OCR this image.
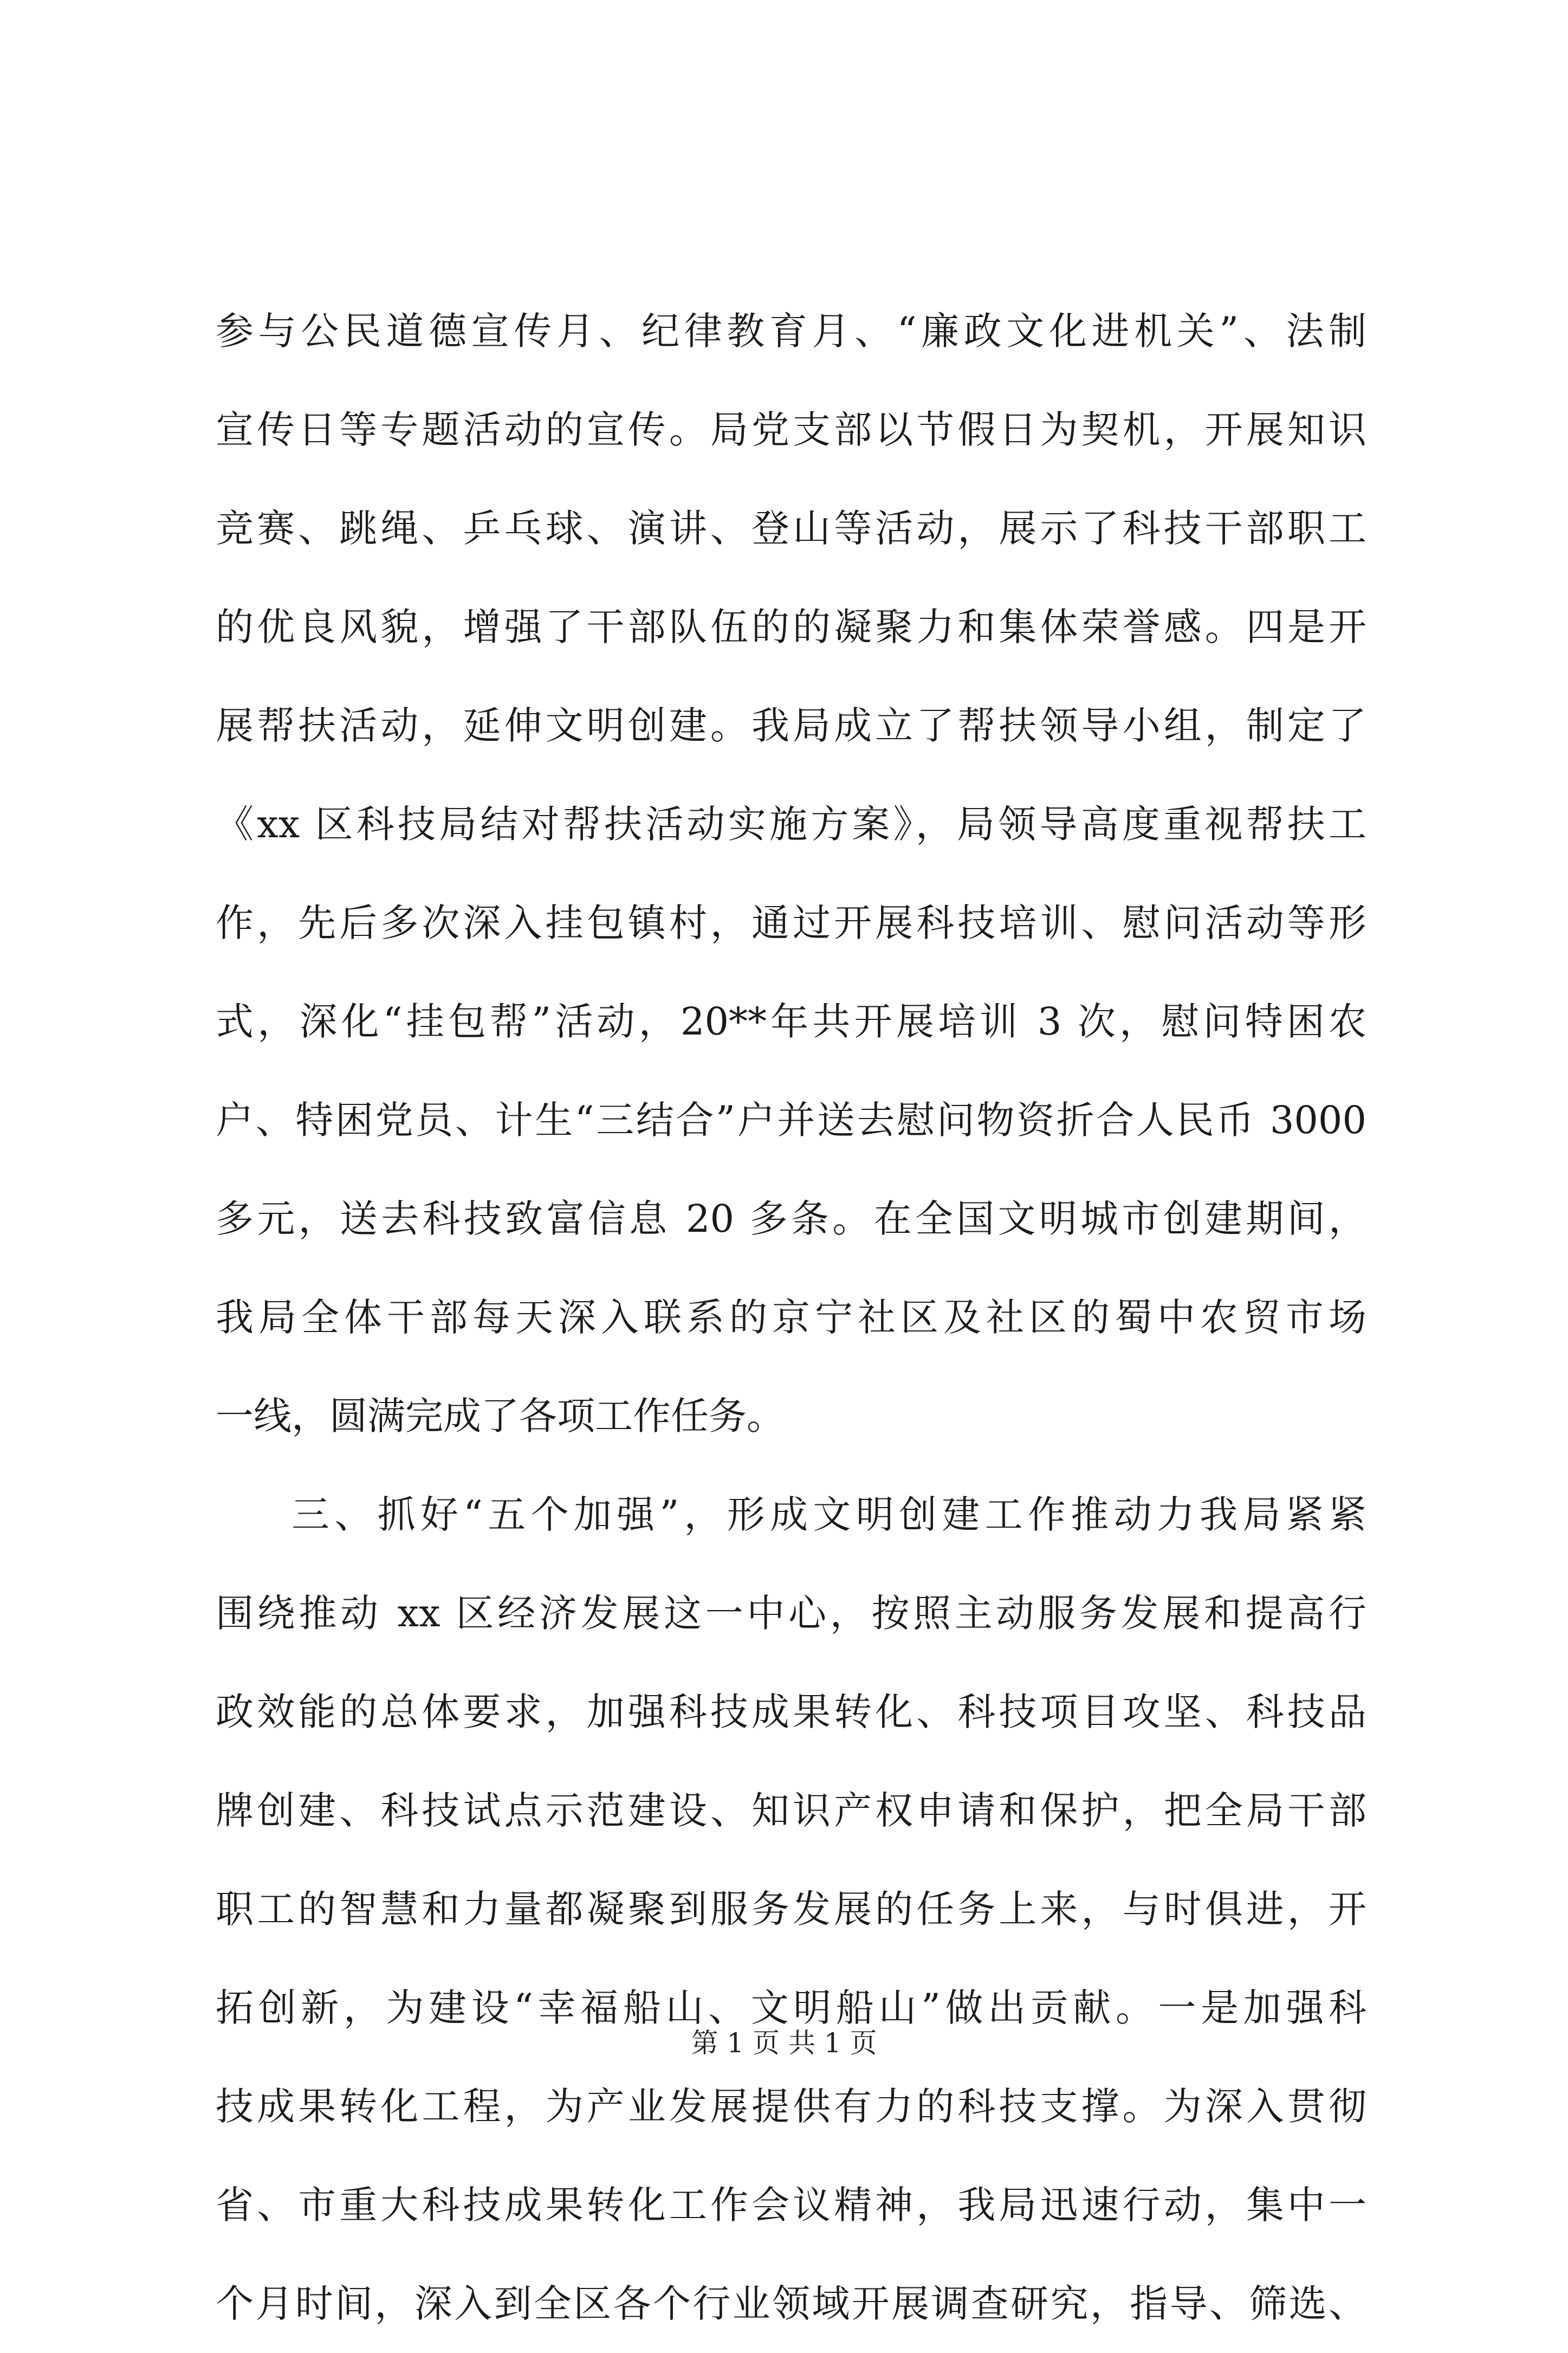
参与公民道德宣传月、纪律教育月、“廉政文化进机关”、法制
宣传日等专题活动的宣传。局党支部以节假日为契机，开展知识
竞赛、跳绳、乒乓球、演讲、登山等活动，展示了科技干部职工
的优良风貌，增强了干部队伍的的凝聚力和集体荣誉感。四是开
展帮扶活动，延伸文明创建。我局成立了帮扶领导小组，制定了
《xx 区科技局结对帮扶活动实施方案》，局领导高度重视帮扶工
作，先后多次深入挂包镇村，通过开展科技培训、慰问活动等形
式，深化“挂包帮”活动，20**年共开展培训 3 次，慰问特困农
户、特困党员、计生“三结合”户并送去慰问物资折合人民币 3000
多元，送去科技致富信息 20 多条。在全国文明城市创建期间，
我局全体干部每天深入联系的京宁社区及社区的蜀中农贸市场
一线，圆满完成了各项工作任务。
三、抓好“五个加强”，形成文明创建工作推动力我局紧紧
围绕推动 xx 区经济发展这一中心，按照主动服务发展和提高行
政效能的总体要求，加强科技成果转化、科技项目攻坚、科技品
牌创建、科技试点示范建设、知识产权申请和保护，把全局干部
职工的智慧和力量都凝聚到服务发展的任务上来，与时俱进，开
拓创新，为建设“幸福船山、文明船山”做出贡献。一是加强科
技成果转化工程，为产业发展提供有力的科技支撑。为深入贯彻
省、市重大科技成果转化工作会议精神，我局迅速行动，集中一
个月时间，深入到全区各个行业领域开展调查研究，指导、筛选、
第 1 页 共 1 页
